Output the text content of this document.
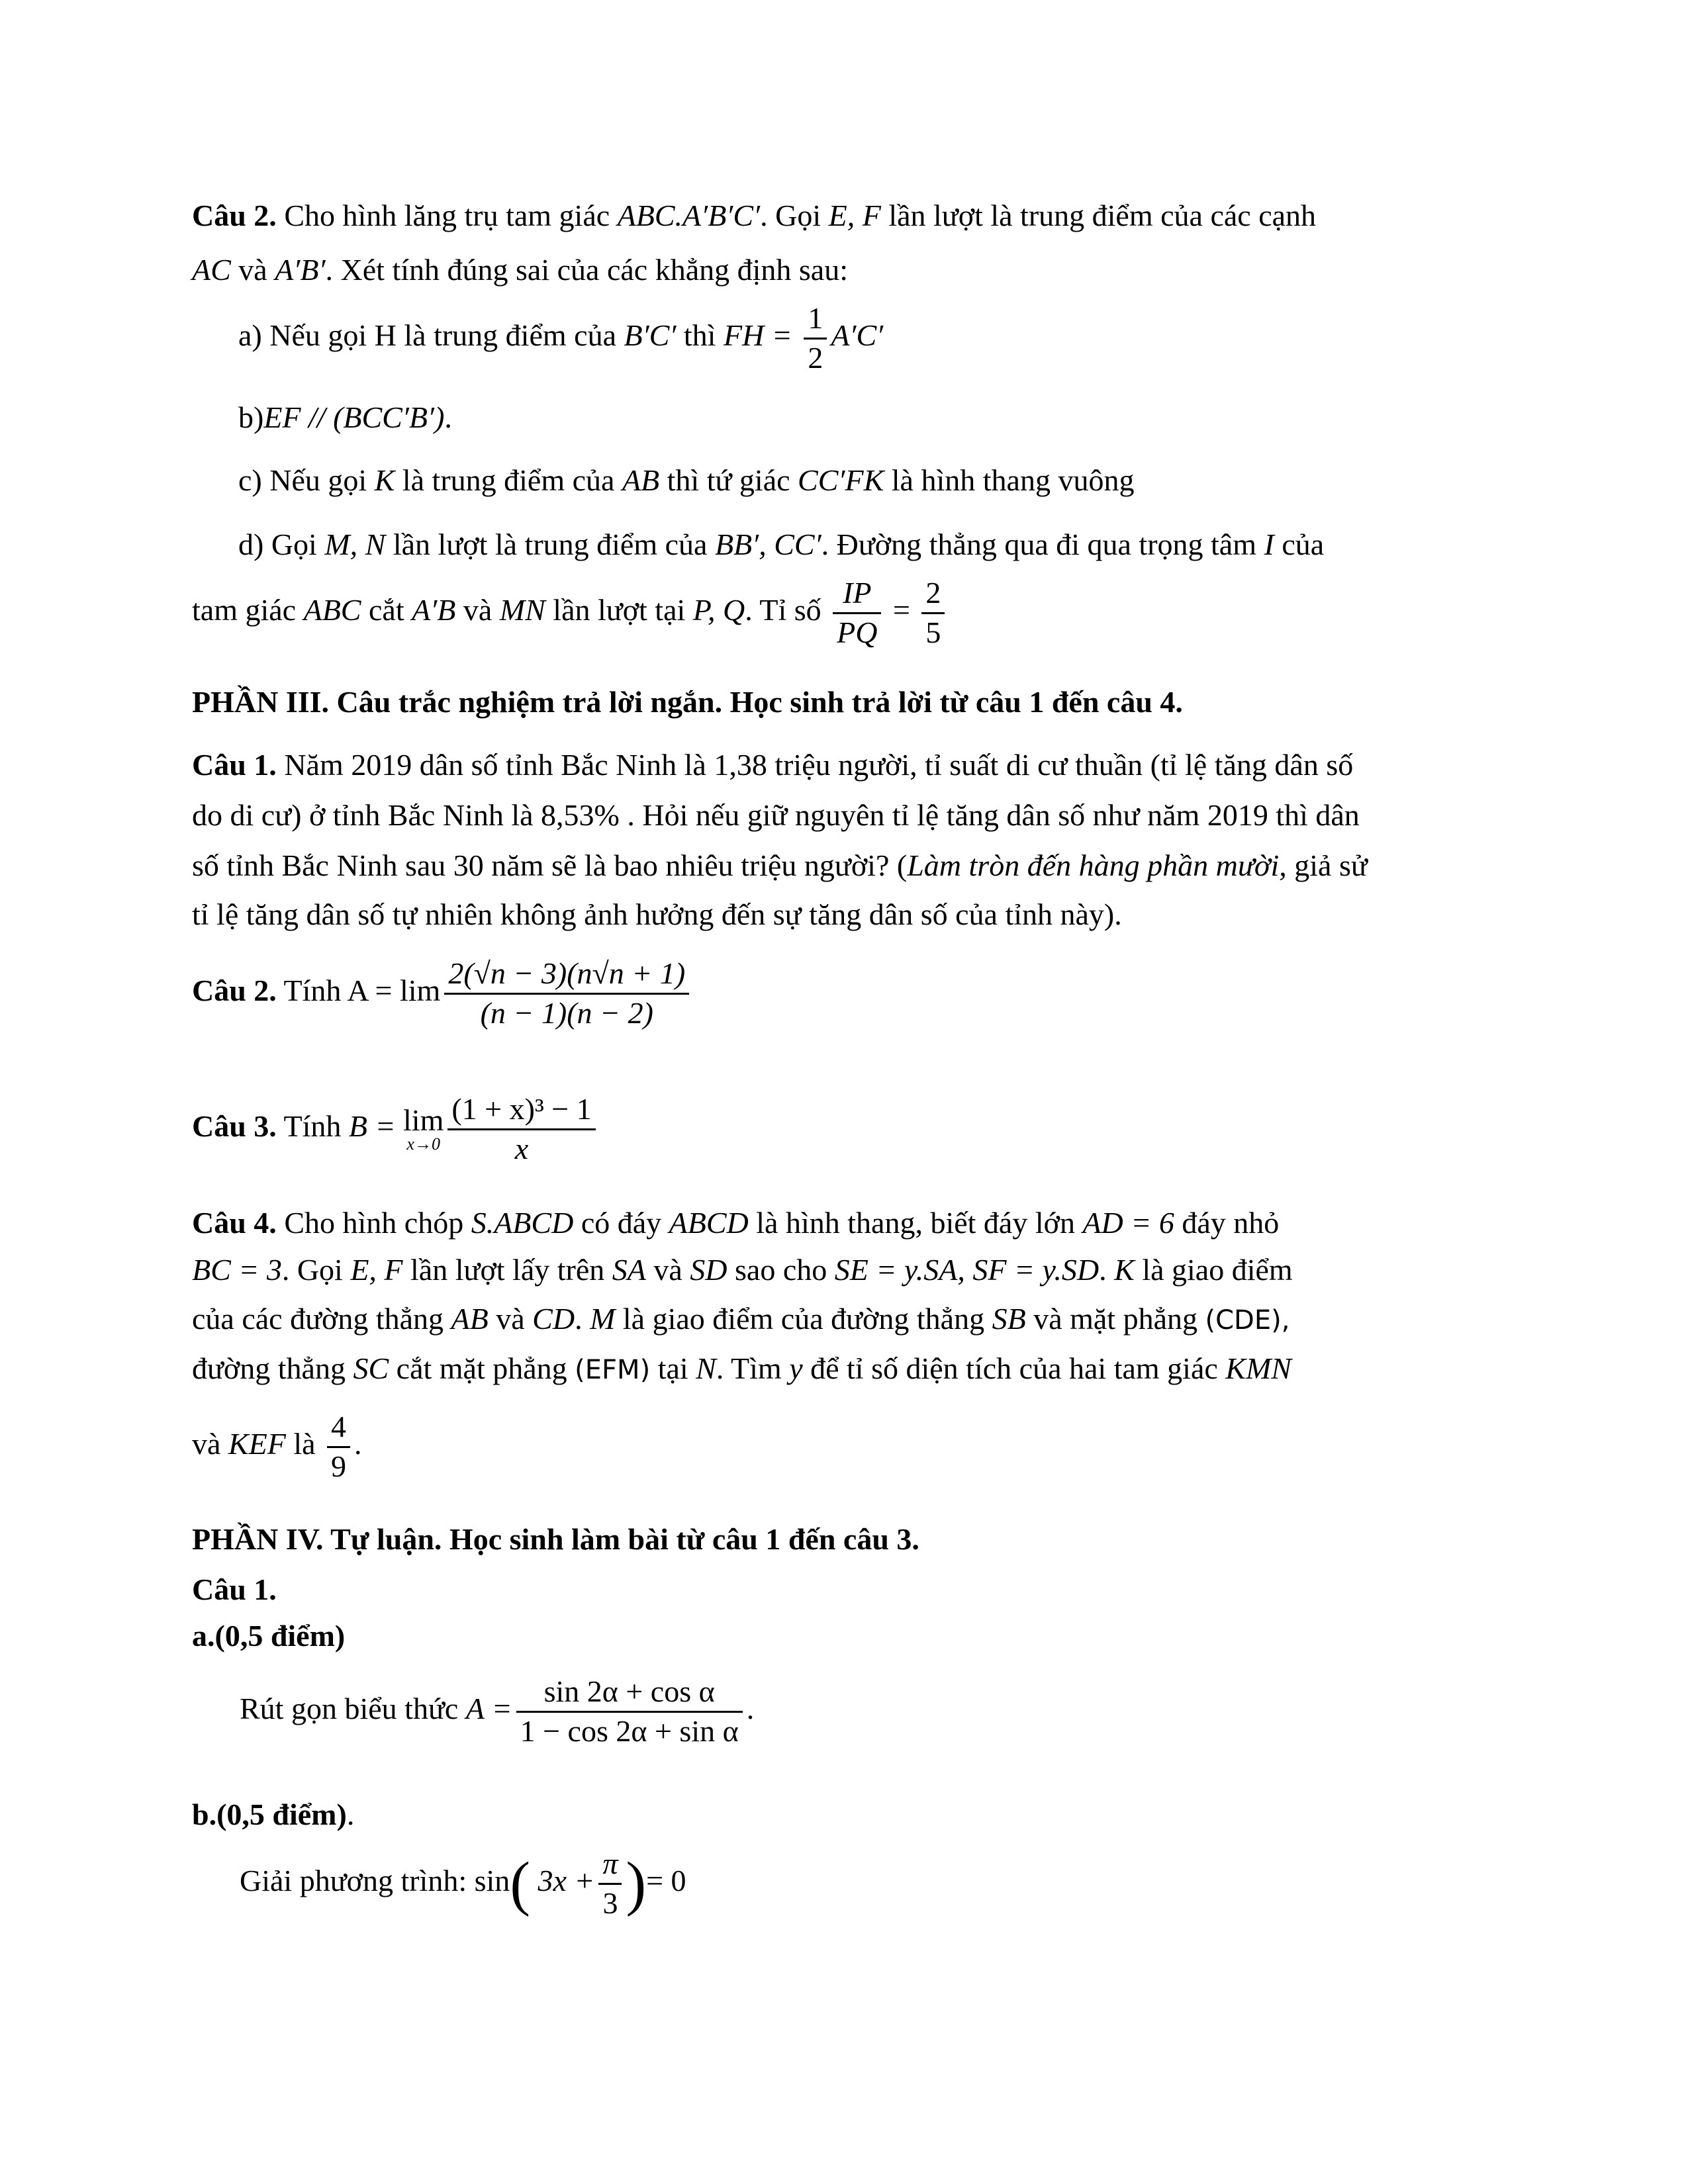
Câu 2. Cho hình lăng trụ tam giác ABC.A′B′C′. Gọi E, F lần lượt là trung điểm của các cạnh
AC và A′B′. Xét tính đúng sai của các khẳng định sau:
a) Nếu gọi H là trung điểm của B′C′ thì FH = $\frac{1}{2} A'C'$
b)EF // (BCC′B′).
c) Nếu gọi K là trung điểm của AB thì tứ giác CC′FK là hình thang vuông
d) Gọi M, N lần lượt là trung điểm của BB′, CC′. Đường thẳng qua đi qua trọng tâm I của
tam giác ABC cắt A′B và MN lần lượt tại P, Q. Tỉ số $\frac{IP}{PQ} = \frac{2}{5}$
PHẦN III. Câu trắc nghiệm trả lời ngắn. Học sinh trả lời từ câu 1 đến câu 4.
Câu 1. Năm 2019 dân số tỉnh Bắc Ninh là 1,38 triệu người, tỉ suất di cư thuần (tỉ lệ tăng dân số
do di cư) ở tỉnh Bắc Ninh là 8,53% . Hỏi nếu giữ nguyên tỉ lệ tăng dân số như năm 2019 thì dân
số tỉnh Bắc Ninh sau 30 năm sẽ là bao nhiêu triệu người? (Làm tròn đến hàng phần mười, giả sử
tỉ lệ tăng dân số tự nhiên không ảnh hưởng đến sự tăng dân số của tỉnh này).
Câu 2. Tính $A = \lim \frac{2(√n - 3)(n√n + 1)}{(n - 1)(n - 2)}$
Câu 3. Tính B = lim
$x\to 0 \frac{\text{(1 + x)³ − 1}}{x}$
Câu 4. Cho hình chóp S.ABCD có đáy ABCD là hình thang, biết đáy lớn AD = 6 đáy nhỏ
BC = 3. Gọi E, F lần lượt lấy trên SA và SD sao cho SE = y.SA, SF = y.SD. K là giao điểm
của các đường thẳng AB và CD. M là giao điểm của đường thẳng SB và mặt phẳng (CDE),
đường thẳng SC cắt mặt phẳng (EFM) tại N. Tìm y để tỉ số diện tích của hai tam giác KMN
và KEF là $\frac{4}{9}$ .
PHẦN IV. Tự luận. Học sinh làm bài từ câu 1 đến câu 3.
Câu 1.
a.(0,5 điểm)
Rút gọn biểu thức $A = \frac{\text{sin 2α + cos α}}{\text{1 − cos 2α + sin α}}$ .
b.(0,5 điểm).
Giải phương trình: sin( $3x + \frac{\pi}{3}$ )= 0
